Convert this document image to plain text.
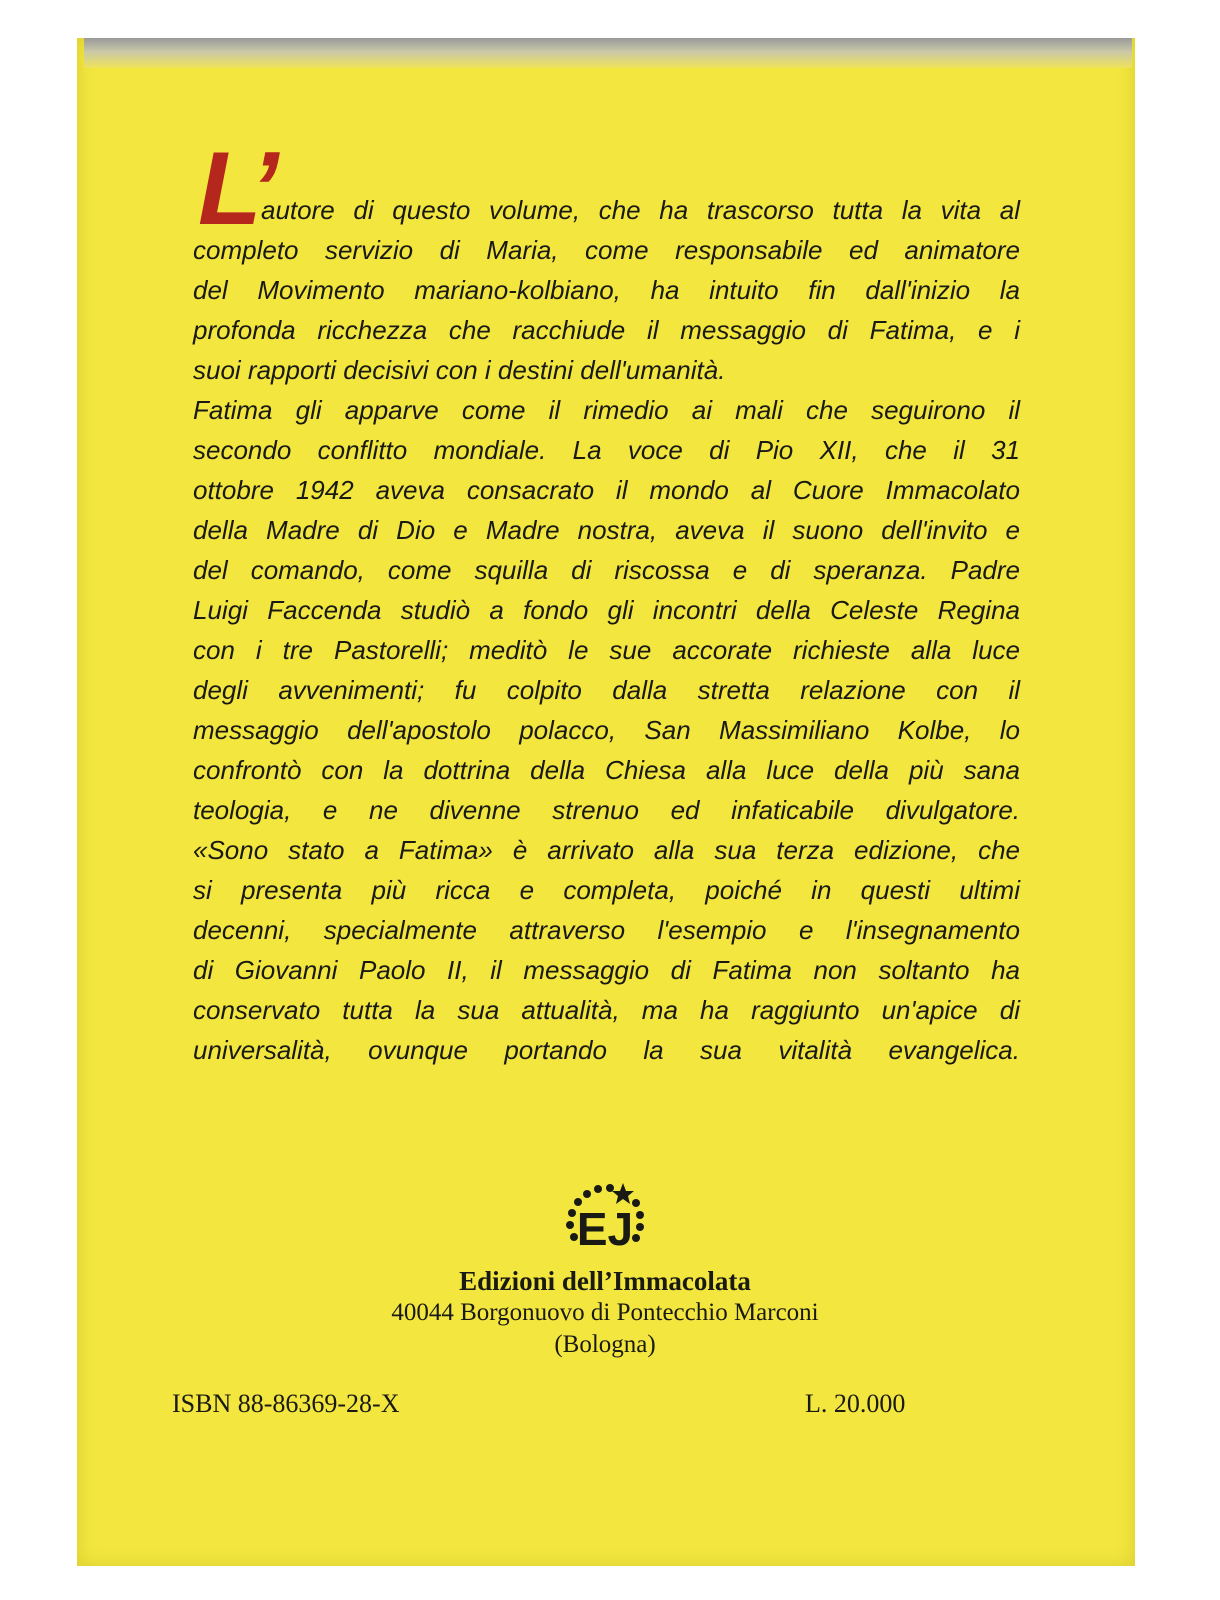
L’
autore di questo volume, che ha trascorso tutta la vita al
completo servizio di Maria, come responsabile ed animatore
del Movimento mariano-kolbiano, ha intuito fin dall'inizio la
profonda ricchezza che racchiude il messaggio di Fatima, e i
suoi rapporti decisivi con i destini dell'umanità.
Fatima gli apparve come il rimedio ai mali che seguirono il
secondo conflitto mondiale. La voce di Pio XII, che il 31
ottobre 1942 aveva consacrato il mondo al Cuore Immacolato
della Madre di Dio e Madre nostra, aveva il suono dell'invito e
del comando, come squilla di riscossa e di speranza. Padre
Luigi Faccenda studiò a fondo gli incontri della Celeste Regina
con i tre Pastorelli; meditò le sue accorate richieste alla luce
degli avvenimenti; fu colpito dalla stretta relazione con il
messaggio dell'apostolo polacco, San Massimiliano Kolbe, lo
confrontò con la dottrina della Chiesa alla luce della più sana
teologia, e ne divenne strenuo ed infaticabile divulgatore.
«Sono stato a Fatima» è arrivato alla sua terza edizione, che
si presenta più ricca e completa, poiché in questi ultimi
decenni, specialmente attraverso l'esempio e l'insegnamento
di Giovanni Paolo II, il messaggio di Fatima non soltanto ha
conservato tutta la sua attualità, ma ha raggiunto un'apice di
universalità, ovunque portando la sua vitalità evangelica.
EJ
Edizioni dell’Immacolata
40044 Borgonuovo di Pontecchio Marconi
(Bologna)
ISBN 88-86369-28-X	L. 20.000
